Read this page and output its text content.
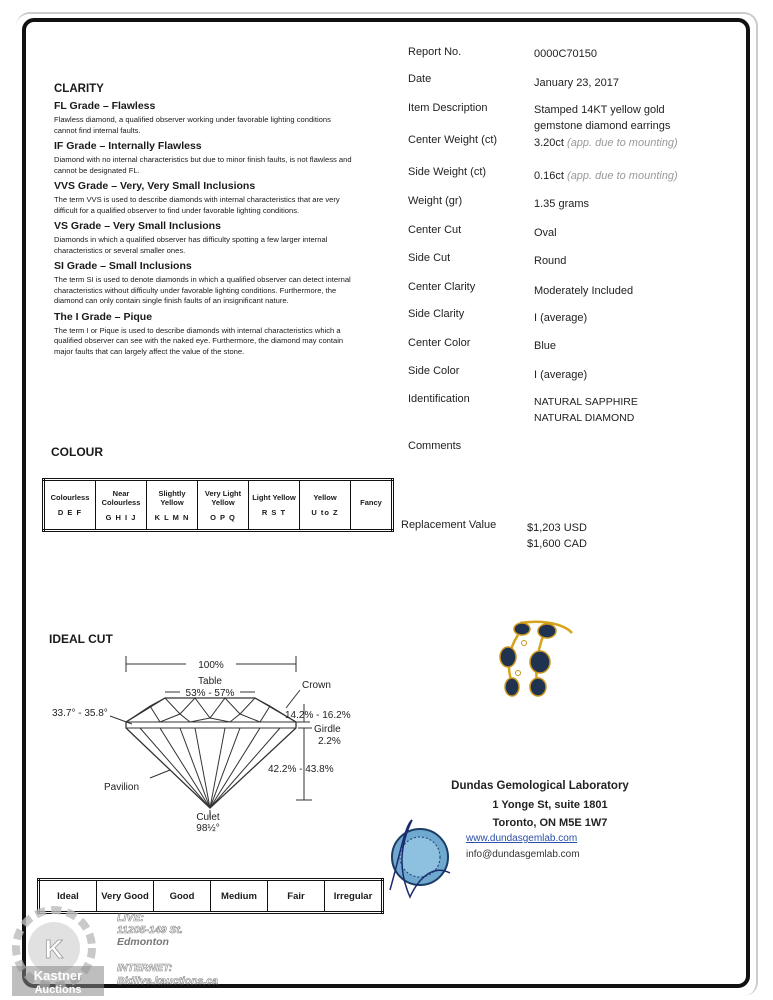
Report No.	0000C70150
Date	January 23, 2017
Item Description	Stamped 14KT yellow gold
gemstone diamond earrings
Center Weight (ct)	3.20ct (app. due to mounting)
Side Weight (ct)	0.16ct (app. due to mounting)
Weight (gr)	1.35 grams
Center Cut	Oval
Side Cut	Round
Center Clarity	Moderately Included
Side Clarity	I (average)
Center Color	Blue
Side Color	I (average)
Identification	NATURAL SAPPHIRE
NATURAL DIAMOND
Comments
Replacement Value	$1,203 USD
$1,600 CAD
CLARITY
FL Grade – Flawless
Flawless diamond, a qualified observer working under favorable lighting conditions cannot find internal faults.
IF Grade – Internally Flawless
Diamond with no internal characteristics but due to minor finish faults, is not flawless and cannot be designated FL.
VVS Grade – Very, Very Small Inclusions
The term VVS is used to describe diamonds with internal characteristics that are very difficult for a qualified observer to find under favorable lighting conditions.
VS Grade – Very Small Inclusions
Diamonds in which a qualified observer has difficulty spotting a few larger internal characteristics or several smaller ones.
SI Grade – Small Inclusions
The term SI is used to denote diamonds in which a qualified observer can detect internal characteristics without difficulty under favorable lighting conditions. Furthermore, the diamond can only contain single finish faults of an insignificant nature.
The I Grade – Pique
The term I or Pique is used to describe diamonds with internal characteristics which a qualified observer can see with the naked eye. Furthermore, the diamond may contain major faults that can largely affect the value of the stone.
COLOUR
Colourless
D E F

Near Colourless
G H I J

Slightly Yellow
K L M N

Very Light Yellow
O P Q

Light Yellow
R S T

Yellow
U to Z

Fancy
IDEAL CUT
100%
Table
53% - 57%
Crown
33.7° - 35.8°	14.2% - 16.2%
Girdle
2.2%
42.2% - 43.8%
Pavilion
Culet
98½°
Ideal	Very Good	Good	Medium	Fair	Irregular
Dundas Gemological Laboratory
1 Yonge St, suite 1801
Toronto, ON M5E 1W7
www.dundasgemlab.com
info@dundasgemlab.com
K
Kastner
Auctions
LIVE:
11205-149 St.
Edmonton
INTERNET:
Bidlive.kauctions.ca
